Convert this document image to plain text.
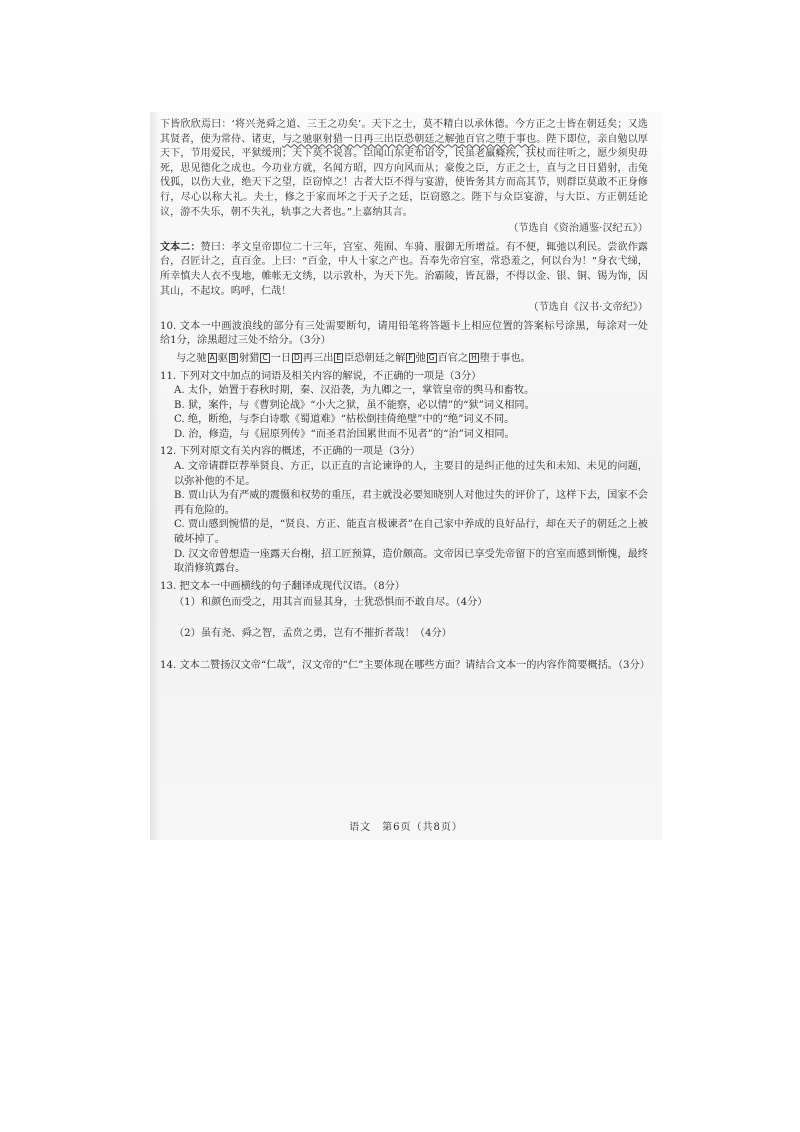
下皆欣欣焉曰：‘将兴尧舜之道、三王之功矣’。天下之士，莫不精白以承休德。今方正之士皆在朝廷矣；又选其贤者，使为常侍、诸吏，与之驰驱射猎一日再三出臣恐朝廷之解弛百官之堕于事也。陛下即位，亲自勉以厚天下，节用爱民，平狱缓刑；天下莫不说喜。臣闻山东吏布诏令，民虽老羸癃疾，扶杖而往听之，愿少须臾毋死，思见德化之成也。今功业方就，名闻方昭，四方向风而从；豪俊之臣，方正之士，直与之日日猎射，击兔伐狐，以伤大业，绝天下之望，臣窃悼之！古者大臣不得与宴游，使皆务其方而高其节，则群臣莫敢不正身修行，尽心以称大礼。夫士，修之于家而坏之于天子之廷，臣窃愍之。陛下与众臣宴游，与大臣、方正朝廷论议，游不失乐，朝不失礼，轨事之大者也。”上嘉纳其言。

（节选自《资治通鉴·汉纪五》）

文本二：赞曰：孝文皇帝即位二十三年，宫室、苑囿、车骑、服御无所增益。有不便，辄弛以利民。尝欲作露台，召匠计之，直百金。上曰：“百金，中人十家之产也。吾奉先帝宫室，常恐羞之，何以台为！”身衣弋绨，所幸慎夫人衣不曳地，帷帐无文绣，以示敦朴，为天下先。治霸陵，皆瓦器，不得以金、银、铜、锡为饰，因其山，不起坟。呜呼，仁哉！

（节选自《汉书·文帝纪》）

10. 文本一中画波浪线的部分有三处需要断句，请用铅笔将答题卡上相应位置的答案标号涂黑，每涂对一处给1分，涂黑超过三处不给分。（3分）

与之驰 A 驱 B 射猎 C 一日 D 再三出 E 臣恐朝廷之解 F 弛 G 百官之 H 堕于事也。

11. 下列对文中加点的词语及相关内容的解说，不正确的一项是（3分）

A. 太仆，始置于春秋时期，秦、汉沿袭，为九卿之一，掌管皇帝的舆马和畜牧。

B. 狱，案件，与《曹刿论战》“小大之狱，虽不能察，必以情”的“狱”词义相同。

C. 绝，断绝，与李白诗歌《蜀道难》“枯松倒挂倚绝壁”中的“绝”词义不同。

D. 治，修造，与《屈原列传》“而圣君治国累世而不见者”的“治”词义相同。

12. 下列对原文有关内容的概述，不正确的一项是（3分）

A. 文帝请群臣荐举贤良、方正，以正直的言论谏诤的人，主要目的是纠正他的过失和未知、未见的问题，以弥补他的不足。

B. 贾山认为有严威的震慑和权势的重压，君主就没必要知晓别人对他过失的评价了，这样下去，国家不会再有危险的。

C. 贾山感到惋惜的是，“贤良、方正、能直言极谏者”在自己家中养成的良好品行，却在天子的朝廷之上被破坏掉了。

D. 汉文帝曾想造一座露天台榭，招工匠预算，造价颇高。文帝因已享受先帝留下的宫室而感到惭愧，最终取消修筑露台。

13. 把文本一中画横线的句子翻译成现代汉语。（8分）

（1）和颜色而受之，用其言而显其身，士犹恐惧而不敢自尽。（4分）

（2）虽有尧、舜之智，孟贲之勇，岂有不摧折者哉！（4分）

14. 文本二赞扬汉文帝“仁哉”，汉文帝的“仁”主要体现在哪些方面？请结合文本一的内容作简要概括。（3分）

语文　第6页（共8页）
